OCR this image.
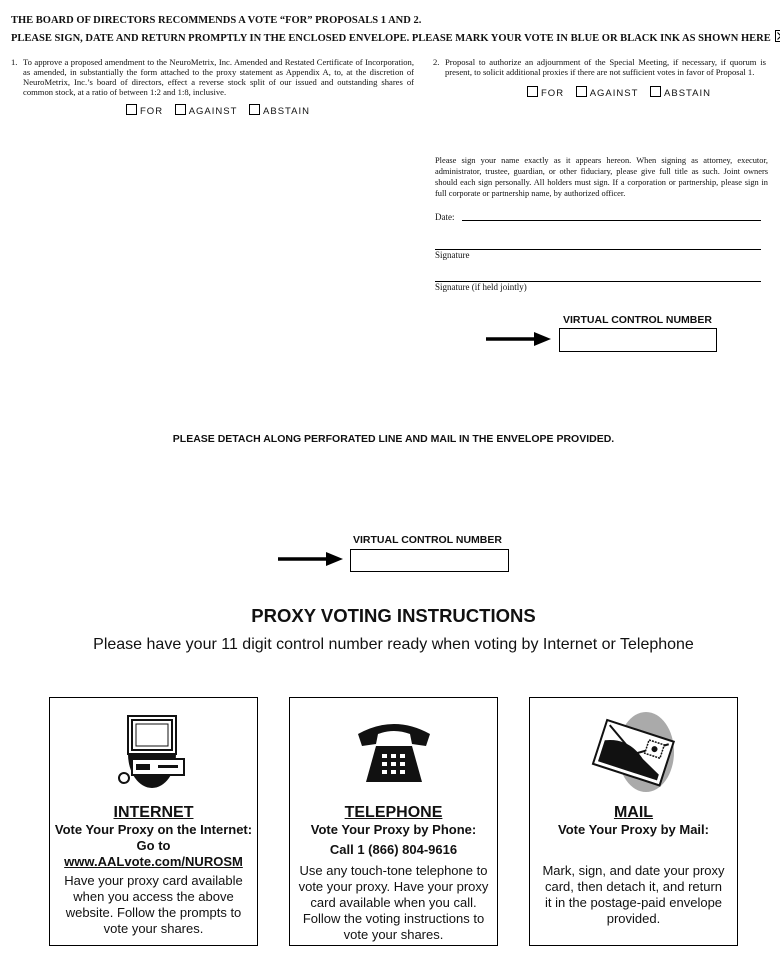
THE BOARD OF DIRECTORS RECOMMENDS A VOTE “FOR” PROPOSALS 1 AND 2.
PLEASE SIGN, DATE AND RETURN PROMPTLY IN THE ENCLOSED ENVELOPE. PLEASE MARK YOUR VOTE IN BLUE OR BLACK INK AS SHOWN HERE
1. To approve a proposed amendment to the NeuroMetrix, Inc. Amended and Restated Certificate of Incorporation, as amended, in substantially the form attached to the proxy statement as Appendix A, to, at the discretion of NeuroMetrix, Inc.’s board of directors, effect a reverse stock split of our issued and outstanding shares of common stock, at a ratio of between 1:2 and 1:8, inclusive.
FOR	AGAINST	ABSTAIN
2. Proposal to authorize an adjournment of the Special Meeting, if necessary, if quorum is present, to solicit additional proxies if there are not sufficient votes in favor of Proposal 1.
FOR	AGAINST	ABSTAIN
Please sign your name exactly as it appears hereon. When signing as attorney, executor, administrator, trustee, guardian, or other fiduciary, please give full title as such. Joint owners should each sign personally. All holders must sign. If a corporation or partnership, please sign in full corporate or partnership name, by authorized officer.
Date:
Signature
Signature (if held jointly)
VIRTUAL CONTROL NUMBER
PLEASE DETACH ALONG PERFORATED LINE AND MAIL IN THE ENVELOPE PROVIDED.
VIRTUAL CONTROL NUMBER
PROXY VOTING INSTRUCTIONS
Please have your 11 digit control number ready when voting by Internet or Telephone
INTERNET
Vote Your Proxy on the Internet:
Go to
www.AALvote.com/NUROSM
Have your proxy card available when you access the above website. Follow the prompts to vote your shares.
TELEPHONE
Vote Your Proxy by Phone:
Call 1 (866) 804-9616
Use any touch-tone telephone to vote your proxy. Have your proxy card available when you call. Follow the voting instructions to vote your shares.
MAIL
Vote Your Proxy by Mail:
Mark, sign, and date your proxy card, then detach it, and return it in the postage-paid envelope provided.
